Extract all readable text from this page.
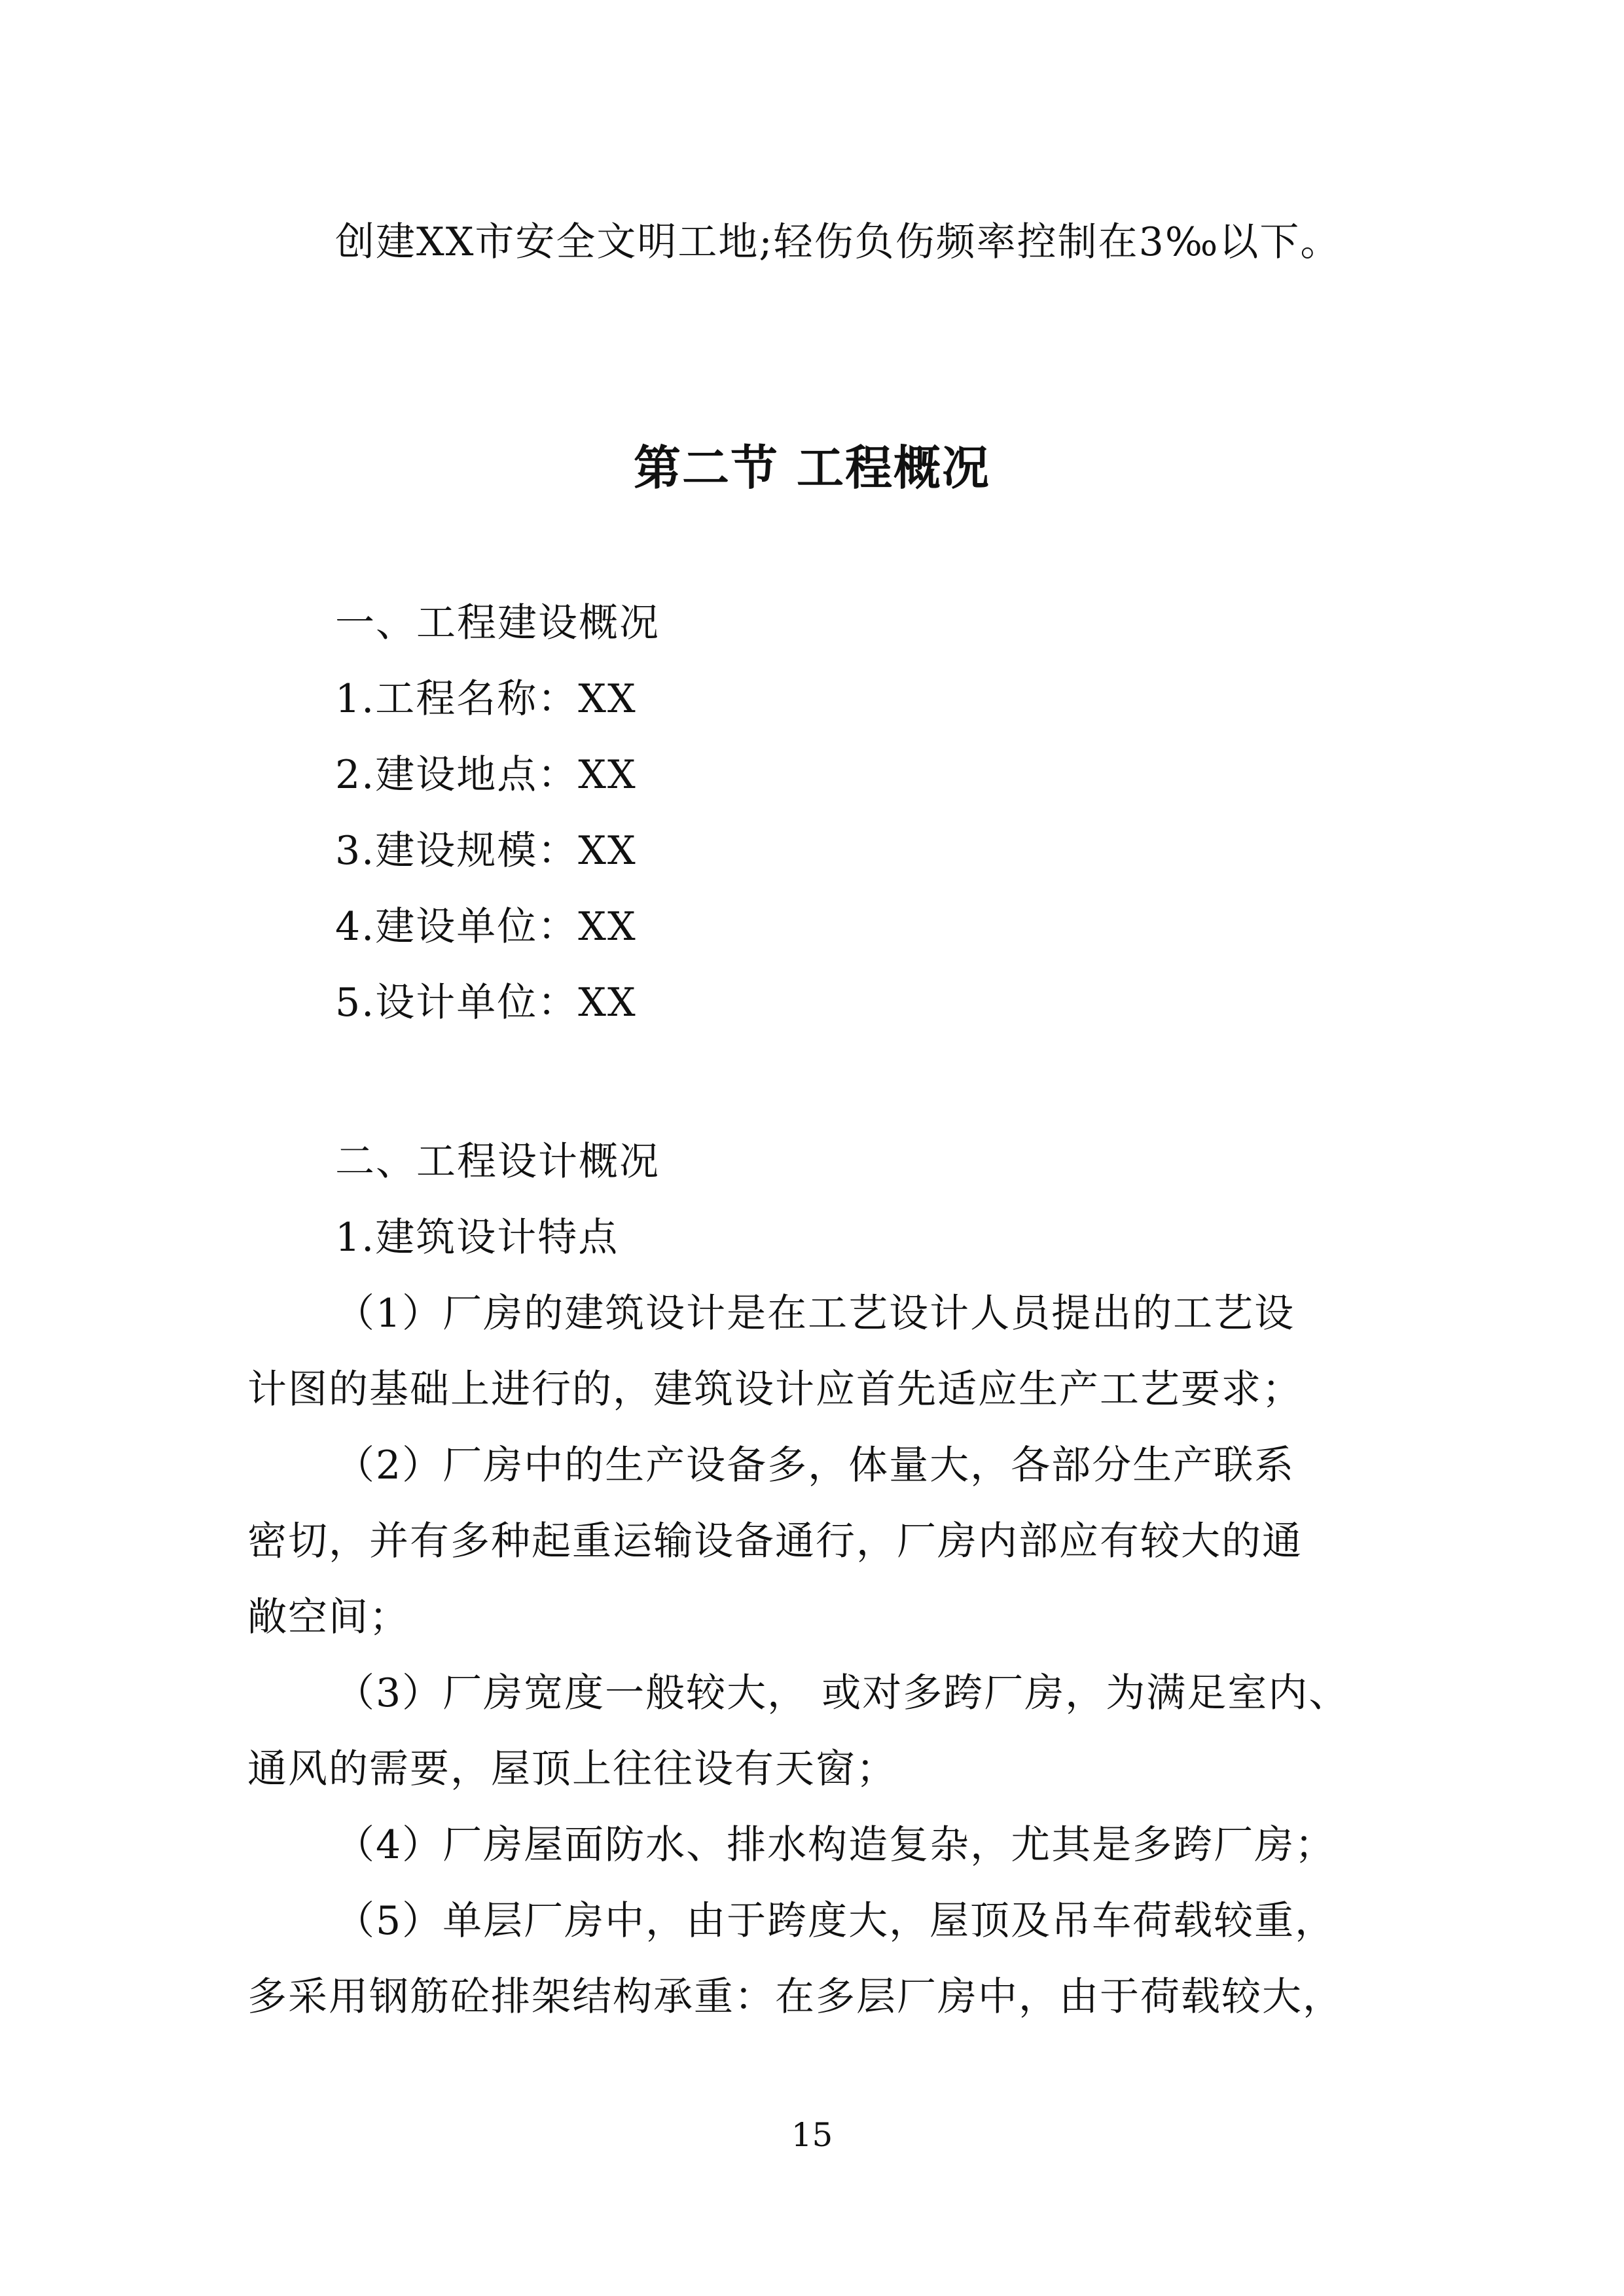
创建XX市安全文明工地;轻伤负伤频率控制在3‰以下。
第二节 工程概况
一、工程建设概况
1.工程名称：XX
2.建设地点：XX
3.建设规模：XX
4.建设单位：XX
5.设计单位：XX
二、工程设计概况
1.建筑设计特点
（1）厂房的建筑设计是在工艺设计人员提出的工艺设
计图的基础上进行的，建筑设计应首先适应生产工艺要求；
（2）厂房中的生产设备多，体量大，各部分生产联系
密切，并有多种起重运输设备通行，厂房内部应有较大的通
敞空间；
（3）厂房宽度一般较大， 或对多跨厂房，为满足室内、
通风的需要，屋顶上往往设有天窗；
（4）厂房屋面防水、排水构造复杂，尤其是多跨厂房；
（5）单层厂房中，由于跨度大，屋顶及吊车荷载较重，
多采用钢筋砼排架结构承重：在多层厂房中，由于荷载较大，
15
